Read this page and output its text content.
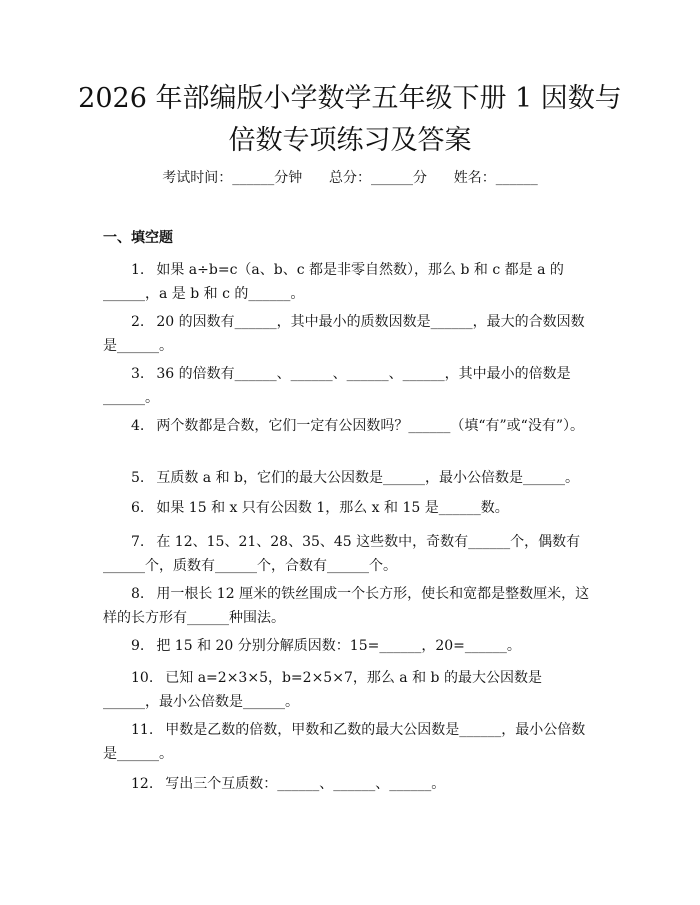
2026 年部编版小学数学五年级下册 1 因数与
倍数专项练习及答案
考试时间：______分钟 总分：______分 姓名：______
一、填空题
1. 如果 a÷b=c（a、b、c 都是非零自然数），那么 b 和 c 都是 a 的______，a 是 b 和 c 的______。
2. 20 的因数有______，其中最小的质数因数是______，最大的合数因数是______。
3. 36 的倍数有______、______、______、______，其中最小的倍数是______。
4. 两个数都是合数，它们一定有公因数吗？______（填“有”或“没有”）。
5. 互质数 a 和 b，它们的最大公因数是______，最小公倍数是______。
6. 如果 15 和 x 只有公因数 1，那么 x 和 15 是______数。
7. 在 12、15、21、28、35、45 这些数中，奇数有______个，偶数有______个，质数有______个，合数有______个。
8. 用一根长 12 厘米的铁丝围成一个长方形，使长和宽都是整数厘米，这样的长方形有______种围法。
9. 把 15 和 20 分别分解质因数：15=______，20=______。
10. 已知 a=2×3×5，b=2×5×7，那么 a 和 b 的最大公因数是______，最小公倍数是______。
11. 甲数是乙数的倍数，甲数和乙数的最大公因数是______，最小公倍数是______。
12. 写出三个互质数：______、______、______。
